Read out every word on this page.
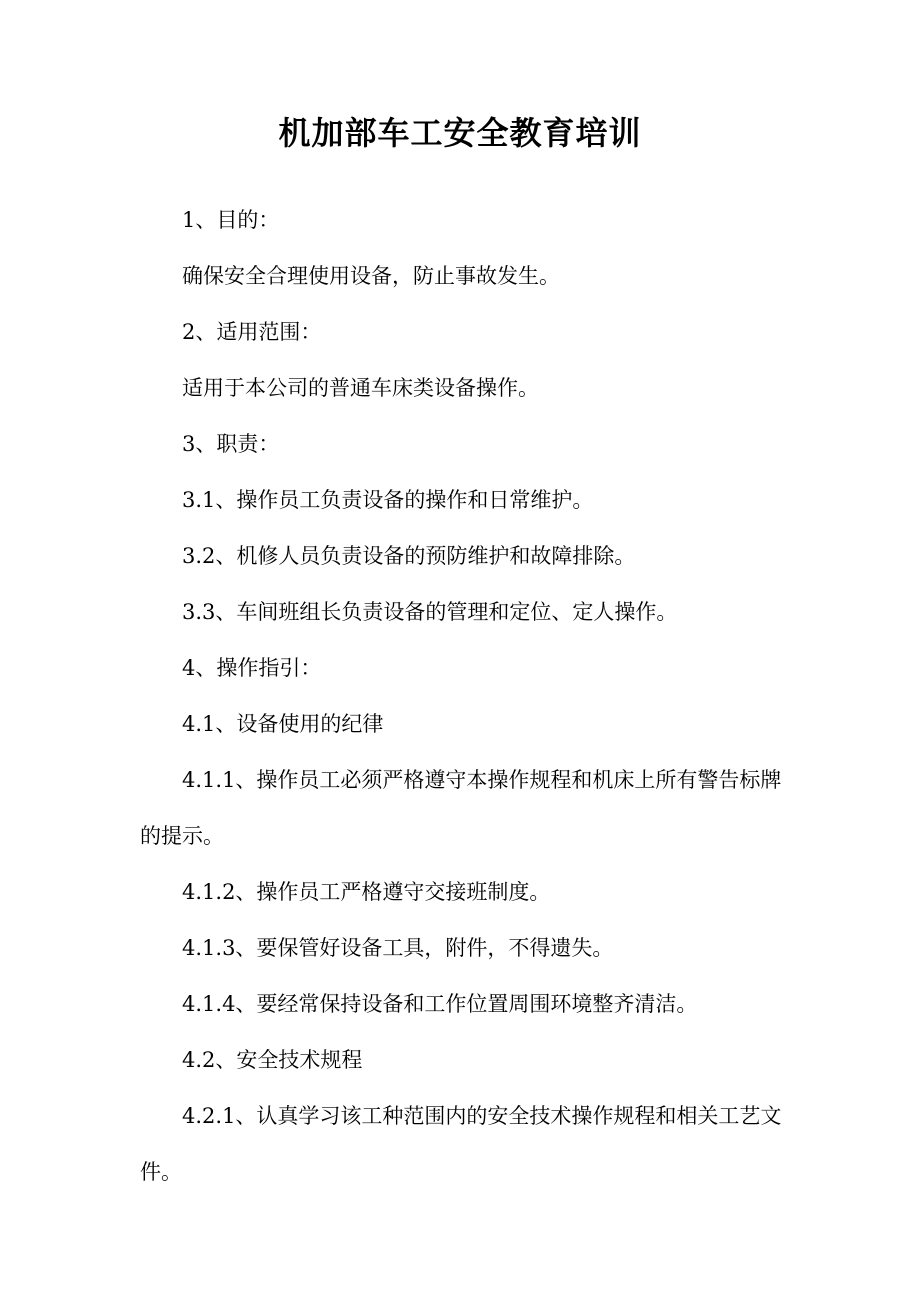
机加部车工安全教育培训

1、目的：

确保安全合理使用设备，防止事故发生。

2、适用范围：

适用于本公司的普通车床类设备操作。

3、职责：

3.1、操作员工负责设备的操作和日常维护。

3.2、机修人员负责设备的预防维护和故障排除。

3.3、车间班组长负责设备的管理和定位、定人操作。

4、操作指引：

4.1、设备使用的纪律

4.1.1、操作员工必须严格遵守本操作规程和机床上所有警告标牌的提示。

4.1.2、操作员工严格遵守交接班制度。

4.1.3、要保管好设备工具，附件，不得遗失。

4.1.4、要经常保持设备和工作位置周围环境整齐清洁。

4.2、安全技术规程

4.2.1、认真学习该工种范围内的安全技术操作规程和相关工艺文件。
